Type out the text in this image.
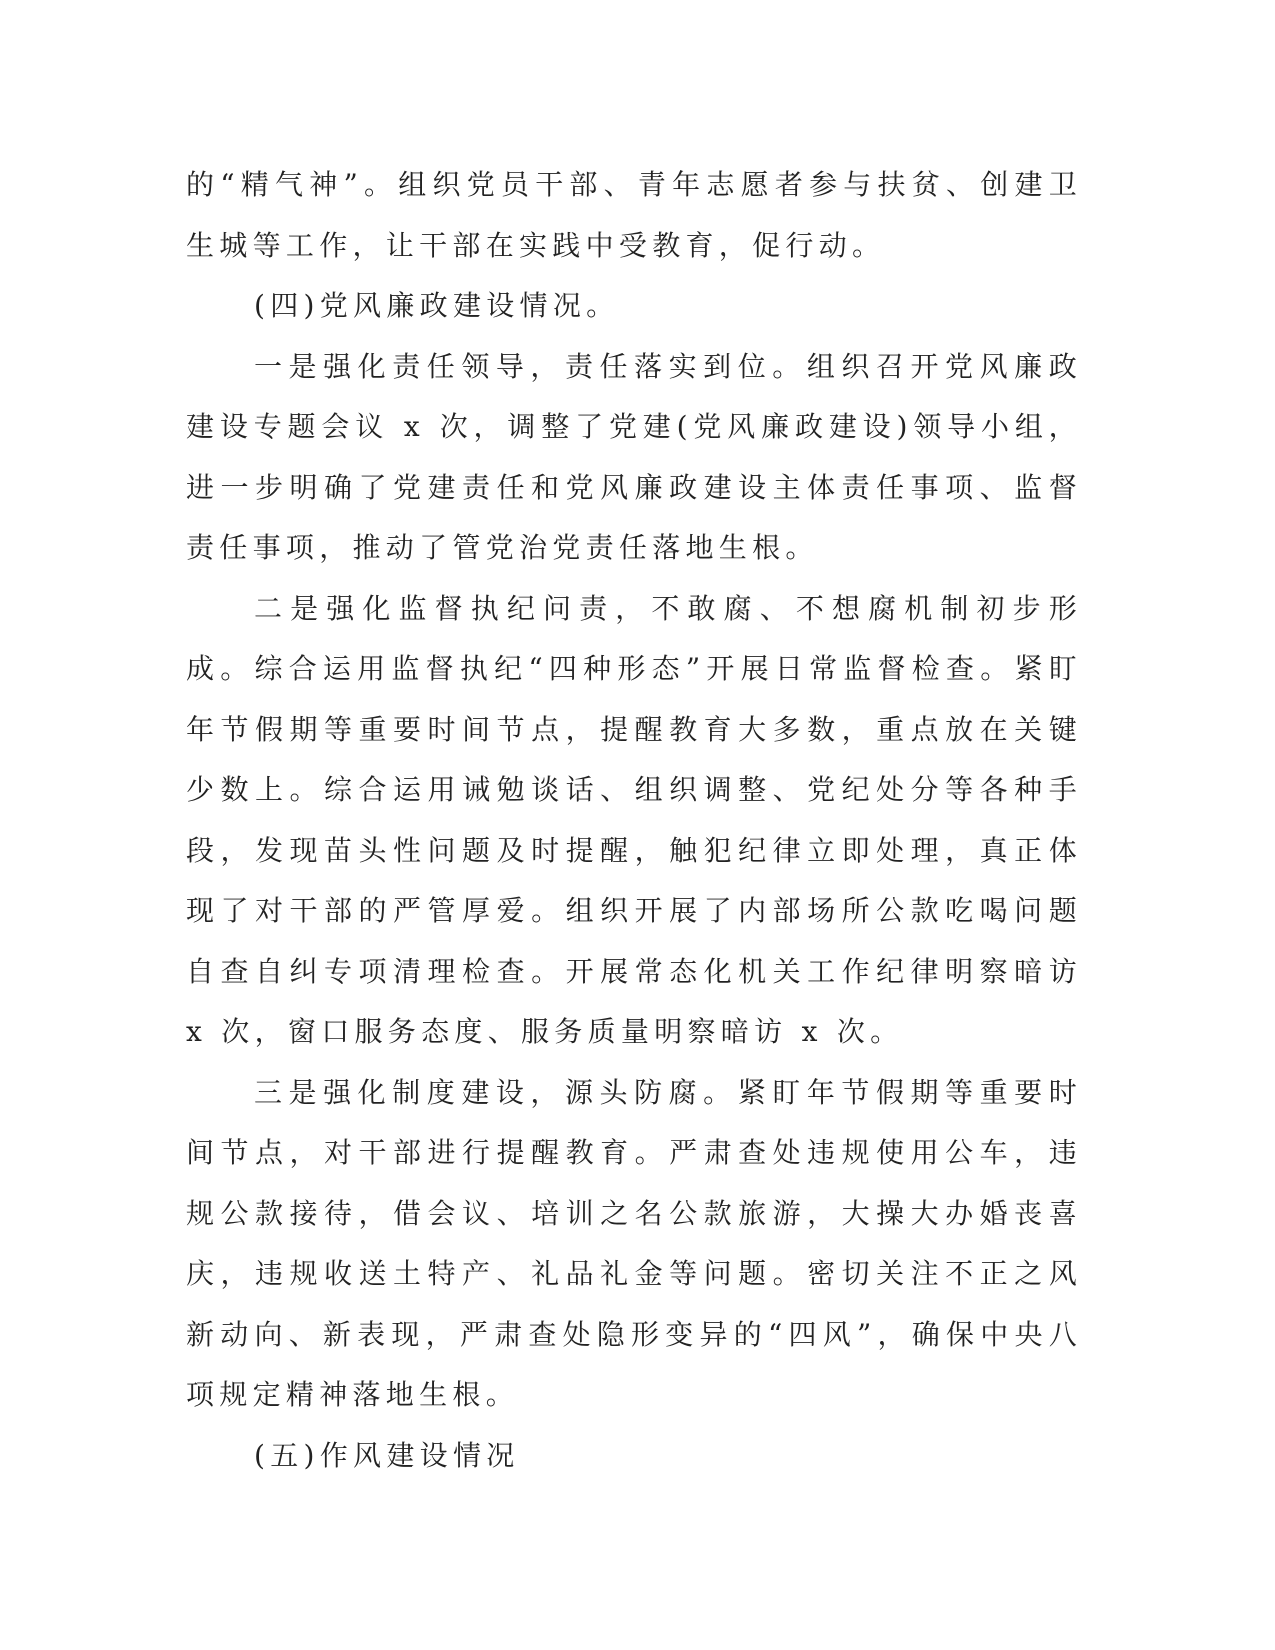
的“精气神”。组织党员干部、青年志愿者参与扶贫、创建卫生城等工作，让干部在实践中受教育，促行动。

(四)党风廉政建设情况。

一是强化责任领导，责任落实到位。组织召开党风廉政建设专题会议 x 次，调整了党建(党风廉政建设)领导小组，进一步明确了党建责任和党风廉政建设主体责任事项、监督责任事项，推动了管党治党责任落地生根。

二是强化监督执纪问责，不敢腐、不想腐机制初步形成。综合运用监督执纪“四种形态”开展日常监督检查。紧盯年节假期等重要时间节点，提醒教育大多数，重点放在关键少数上。综合运用诫勉谈话、组织调整、党纪处分等各种手段，发现苗头性问题及时提醒，触犯纪律立即处理，真正体现了对干部的严管厚爱。组织开展了内部场所公款吃喝问题自查自纠专项清理检查。开展常态化机关工作纪律明察暗访 x 次，窗口服务态度、服务质量明察暗访 x 次。

三是强化制度建设，源头防腐。紧盯年节假期等重要时间节点，对干部进行提醒教育。严肃查处违规使用公车，违规公款接待，借会议、培训之名公款旅游，大操大办婚丧喜庆，违规收送土特产、礼品礼金等问题。密切关注不正之风新动向、新表现，严肃查处隐形变异的“四风”，确保中央八项规定精神落地生根。

(五)作风建设情况
